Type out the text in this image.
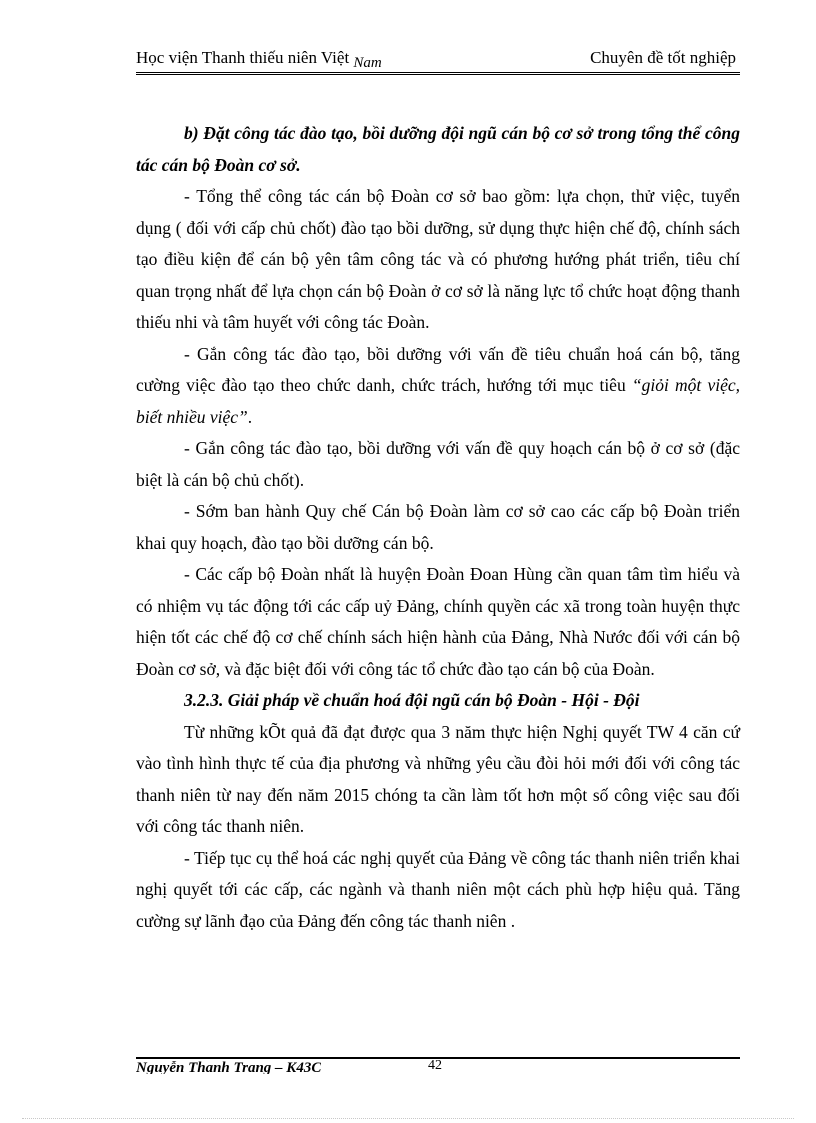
Học viện Thanh thiếu niên Việt Nam	Chuyên đề tốt nghiệp

b) Đặt công tác đào tạo, bồi dưỡng đội ngũ cán bộ cơ sở trong tổng thể công tác cán bộ Đoàn cơ sở.

- Tổng thể công tác cán bộ Đoàn cơ sở bao gồm: lựa chọn, thử việc, tuyển dụng ( đối với cấp chủ chốt) đào tạo bồi dưỡng, sử dụng thực hiện chế độ, chính sách tạo điều kiện để cán bộ yên tâm công tác và có phương hướng phát triển, tiêu chí quan trọng nhất để lựa chọn cán bộ Đoàn ở cơ sở là năng lực tổ chức hoạt động thanh thiếu nhi và tâm huyết với công tác Đoàn.

- Gắn công tác đào tạo, bồi dưỡng với vấn đề tiêu chuẩn hoá cán bộ, tăng cường việc đào tạo theo chức danh, chức trách, hướng tới mục tiêu “giỏi một việc, biết nhiều việc”.

- Gắn công tác đào tạo, bồi dưỡng với vấn đề quy hoạch cán bộ ở cơ sở (đặc biệt là cán bộ chủ chốt).

- Sớm ban hành Quy chế Cán bộ Đoàn làm cơ sở cao các cấp bộ Đoàn triển khai quy hoạch, đào tạo bồi dưỡng cán bộ.

- Các cấp bộ Đoàn nhất là huyện Đoàn Đoan Hùng cần quan tâm tìm hiểu và có nhiệm vụ tác động tới các cấp uỷ Đảng, chính quyền các xã trong toàn huyện thực hiện tốt các chế độ cơ chế chính sách hiện hành của Đảng, Nhà Nước đối với cán bộ Đoàn cơ sở, và đặc biệt đối với công tác tổ chức đào tạo cán bộ của Đoàn.

3.2.3. Giải pháp về chuẩn hoá đội ngũ cán bộ Đoàn - Hội - Đội

Từ những kÕt quả đã đạt được qua 3 năm thực hiện Nghị quyết TW 4 căn cứ vào tình hình thực tế của địa phương và những yêu cầu đòi hỏi mới đối với công tác thanh niên từ nay đến năm 2015 chóng ta cần làm tốt hơn một số công việc sau đối với công tác thanh niên.

- Tiếp tục cụ thể hoá các nghị quyết của Đảng về công tác thanh niên triển khai nghị quyết tới các cấp, các ngành và thanh niên một cách phù hợp hiệu quả. Tăng cường sự lãnh đạo của Đảng đến công tác thanh niên .

Nguyễn Thanh Trang – K43C	42
